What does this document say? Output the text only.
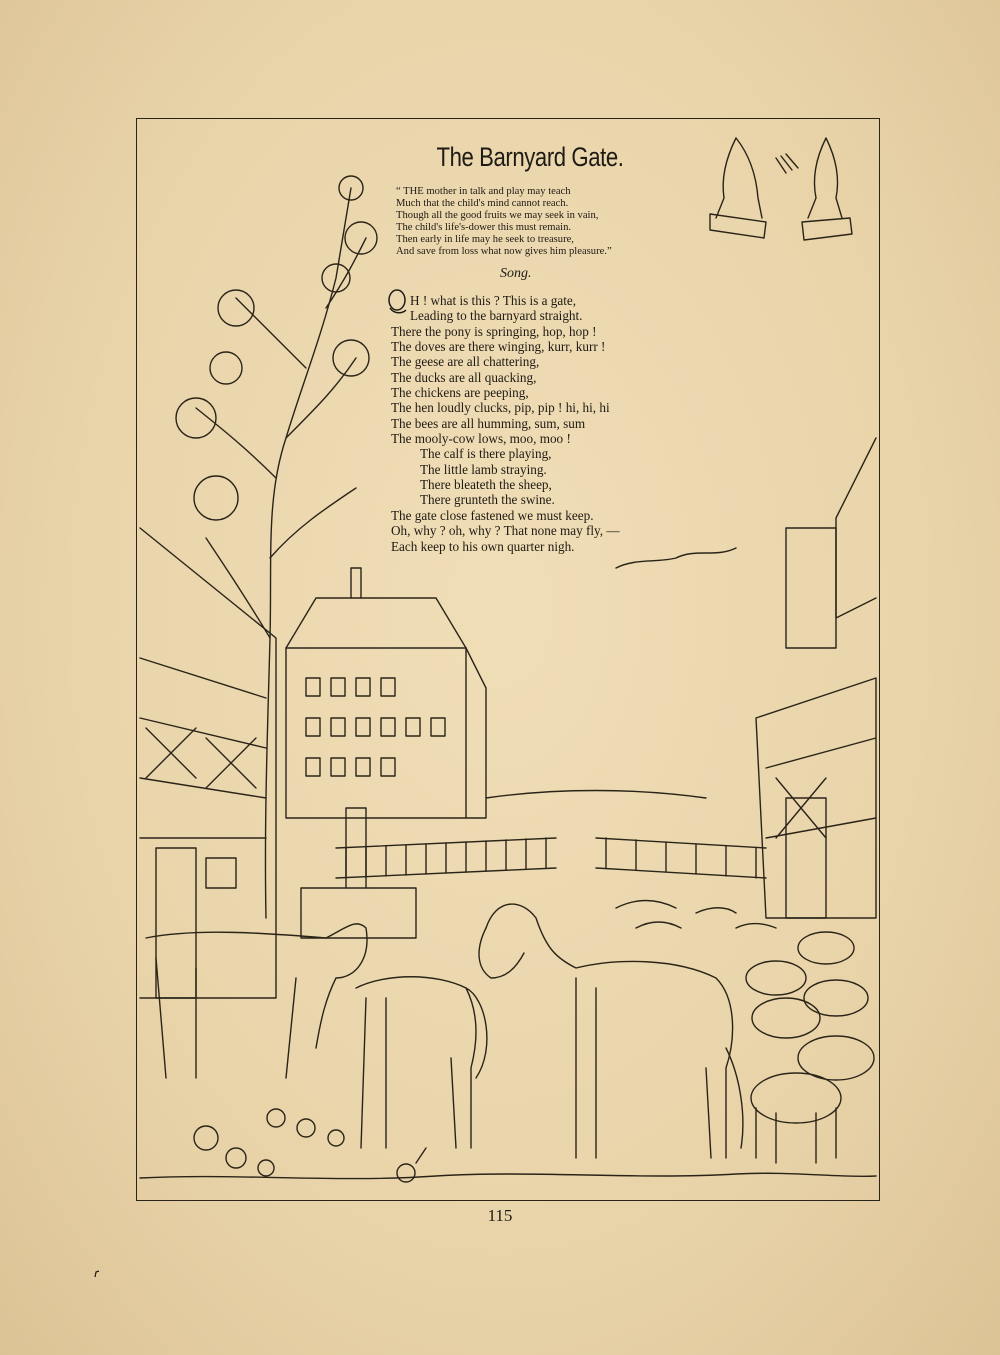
The Barnyard Gate.
“ THE mother in talk and play may teach
Much that the child's mind cannot reach.
Though all the good fruits we may seek in vain,
The child's life's-dower this must remain.
Then early in life may he seek to treasure,
And save from loss what now gives him pleasure.”
Song.
H ! what is this ? This is a gate,
Leading to the barnyard straight.
There the pony is springing, hop, hop !
The doves are there winging, kurr, kurr !
The geese are all chattering,
The ducks are all quacking,
The chickens are peeping,
The hen loudly clucks, pip, pip ! hi, hi, hi
The bees are all humming, sum, sum
The mooly-cow lows, moo, moo !
The calf is there playing,
The little lamb straying.
There bleateth the sheep,
There grunteth the swine.
The gate close fastened we must keep.
Oh, why ? oh, why ? That none may fly, —
Each keep to his own quarter nigh.
115
